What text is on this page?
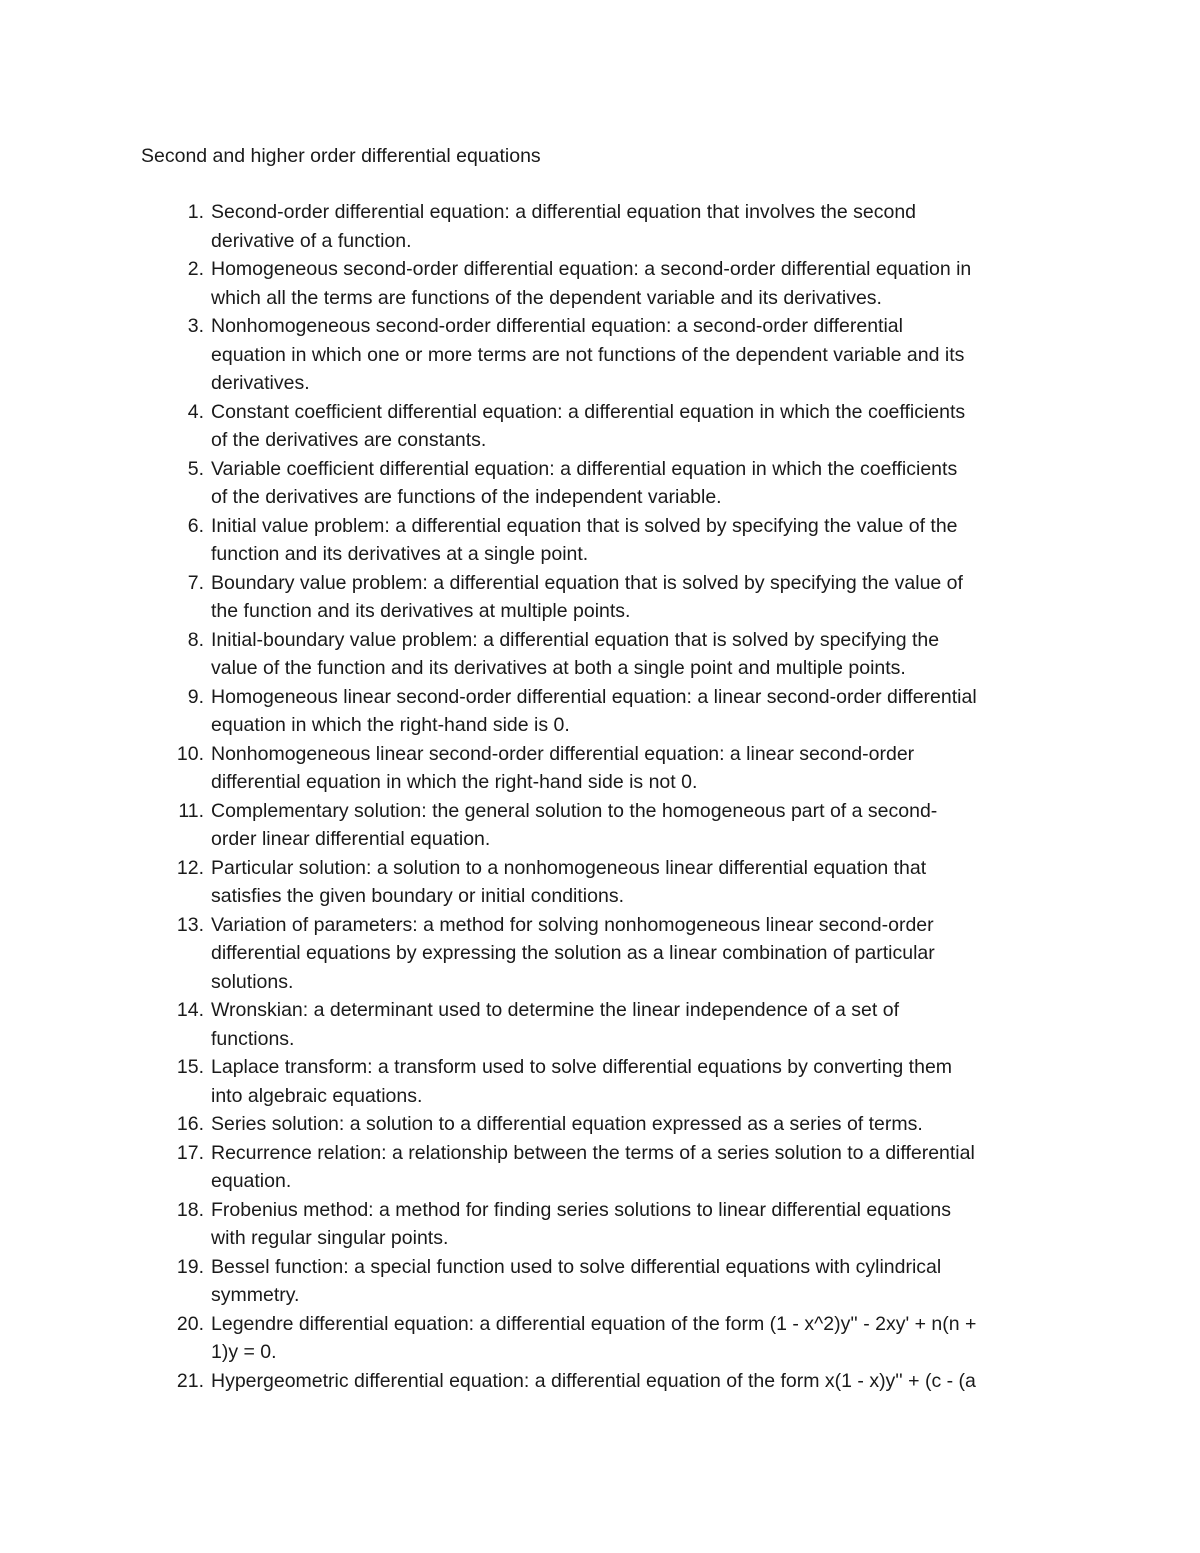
Second and higher order differential equations
1. Second-order differential equation: a differential equation that involves the second
derivative of a function.
2. Homogeneous second-order differential equation: a second-order differential equation in
which all the terms are functions of the dependent variable and its derivatives.
3. Nonhomogeneous second-order differential equation: a second-order differential
equation in which one or more terms are not functions of the dependent variable and its
derivatives.
4. Constant coefficient differential equation: a differential equation in which the coefficients
of the derivatives are constants.
5. Variable coefficient differential equation: a differential equation in which the coefficients
of the derivatives are functions of the independent variable.
6. Initial value problem: a differential equation that is solved by specifying the value of the
function and its derivatives at a single point.
7. Boundary value problem: a differential equation that is solved by specifying the value of
the function and its derivatives at multiple points.
8. Initial-boundary value problem: a differential equation that is solved by specifying the
value of the function and its derivatives at both a single point and multiple points.
9. Homogeneous linear second-order differential equation: a linear second-order differential
equation in which the right-hand side is 0.
10. Nonhomogeneous linear second-order differential equation: a linear second-order
differential equation in which the right-hand side is not 0.
11. Complementary solution: the general solution to the homogeneous part of a second-
order linear differential equation.
12. Particular solution: a solution to a nonhomogeneous linear differential equation that
satisfies the given boundary or initial conditions.
13. Variation of parameters: a method for solving nonhomogeneous linear second-order
differential equations by expressing the solution as a linear combination of particular
solutions.
14. Wronskian: a determinant used to determine the linear independence of a set of
functions.
15. Laplace transform: a transform used to solve differential equations by converting them
into algebraic equations.
16. Series solution: a solution to a differential equation expressed as a series of terms.
17. Recurrence relation: a relationship between the terms of a series solution to a differential
equation.
18. Frobenius method: a method for finding series solutions to linear differential equations
with regular singular points.
19. Bessel function: a special function used to solve differential equations with cylindrical
symmetry.
20. Legendre differential equation: a differential equation of the form (1 - x^2)y'' - 2xy' + n(n +
1)y = 0.
21. Hypergeometric differential equation: a differential equation of the form x(1 - x)y'' + (c - (a
